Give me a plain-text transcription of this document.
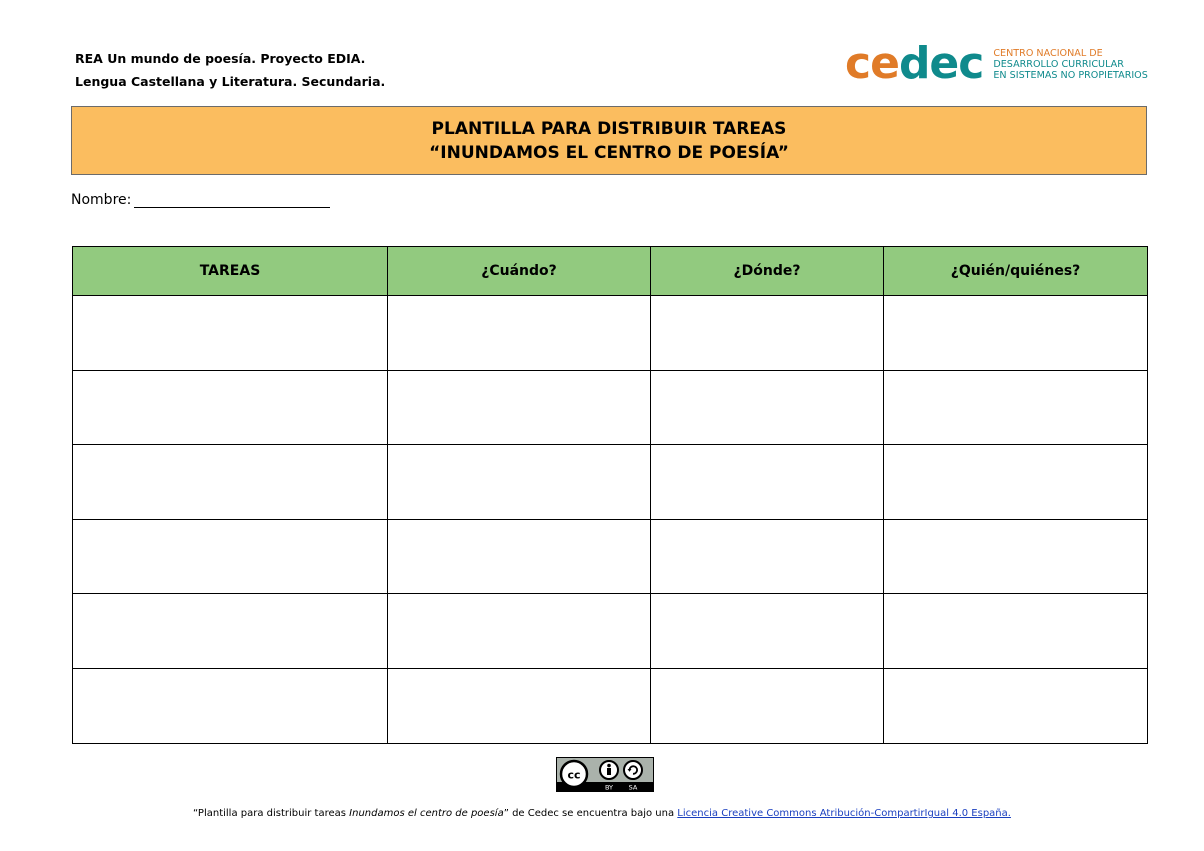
REA Un mundo de poesía. Proyecto EDIA.
Lengua Castellana y Literatura. Secundaria.	cedec CENTRO NACIONAL DE
DESARROLLO CURRICULAR
EN SISTEMAS NO PROPIETARIOS
PLANTILLA PARA DISTRIBUIR TAREAS
“INUNDAMOS EL CENTRO DE POESÍA”
Nombre:
TAREAS	¿Cuándo?	¿Dónde?	¿Quién/quiénes?

cc
BY SA
“Plantilla para distribuir tareas Inundamos el centro de poesía” de Cedec se encuentra bajo una Licencia Creative Commons Atribución-CompartirIgual 4.0 España.
